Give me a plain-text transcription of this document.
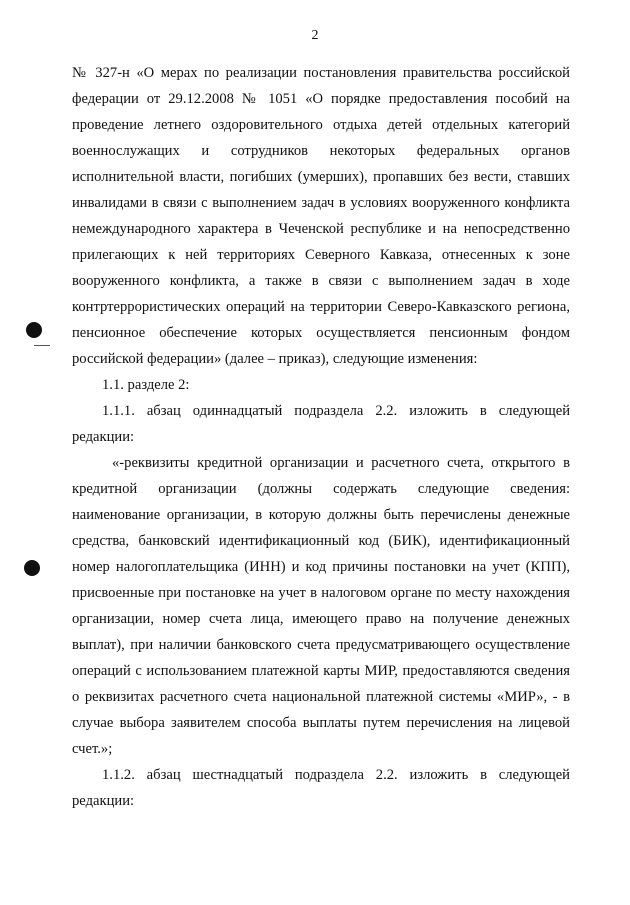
2

№ 327-н «О мерах по реализации постановления правительства российской федерации от 29.12.2008 № 1051 «О порядке предоставления пособий на проведение летнего оздоровительного отдыха детей отдельных категорий военнослужащих и сотрудников некоторых федеральных органов исполнительной власти, погибших (умерших), пропавших без вести, ставших инвалидами в связи с выполнением задач в условиях вооруженного конфликта немеждународного характера в Чеченской республике и на непосредственно прилегающих к ней территориях Северного Кавказа, отнесенных к зоне вооруженного конфликта, а также в связи с выполнением задач в ходе контртеррористических операций на территории Северо-Кавказского региона, пенсионное обеспечение которых осуществляется пенсионным фондом российской федерации» (далее – приказ), следующие изменения:

1.1. разделе 2:

1.1.1. абзац одиннадцатый подраздела 2.2. изложить в следующей редакции:

«-реквизиты кредитной организации и расчетного счета, открытого в кредитной организации (должны содержать следующие сведения: наименование организации, в которую должны быть перечислены денежные средства, банковский идентификационный код (БИК), идентификационный номер налогоплательщика (ИНН) и код причины постановки на учет (КПП), присвоенные при постановке на учет в налоговом органе по месту нахождения организации, номер счета лица, имеющего право на получение денежных выплат), при наличии банковского счета предусматривающего осуществление операций с использованием платежной карты МИР, предоставляются сведения о реквизитах расчетного счета национальной платежной системы «МИР», - в случае выбора заявителем способа выплаты путем перечисления на лицевой счет.»;

1.1.2. абзац шестнадцатый подраздела 2.2. изложить в следующей редакции:
